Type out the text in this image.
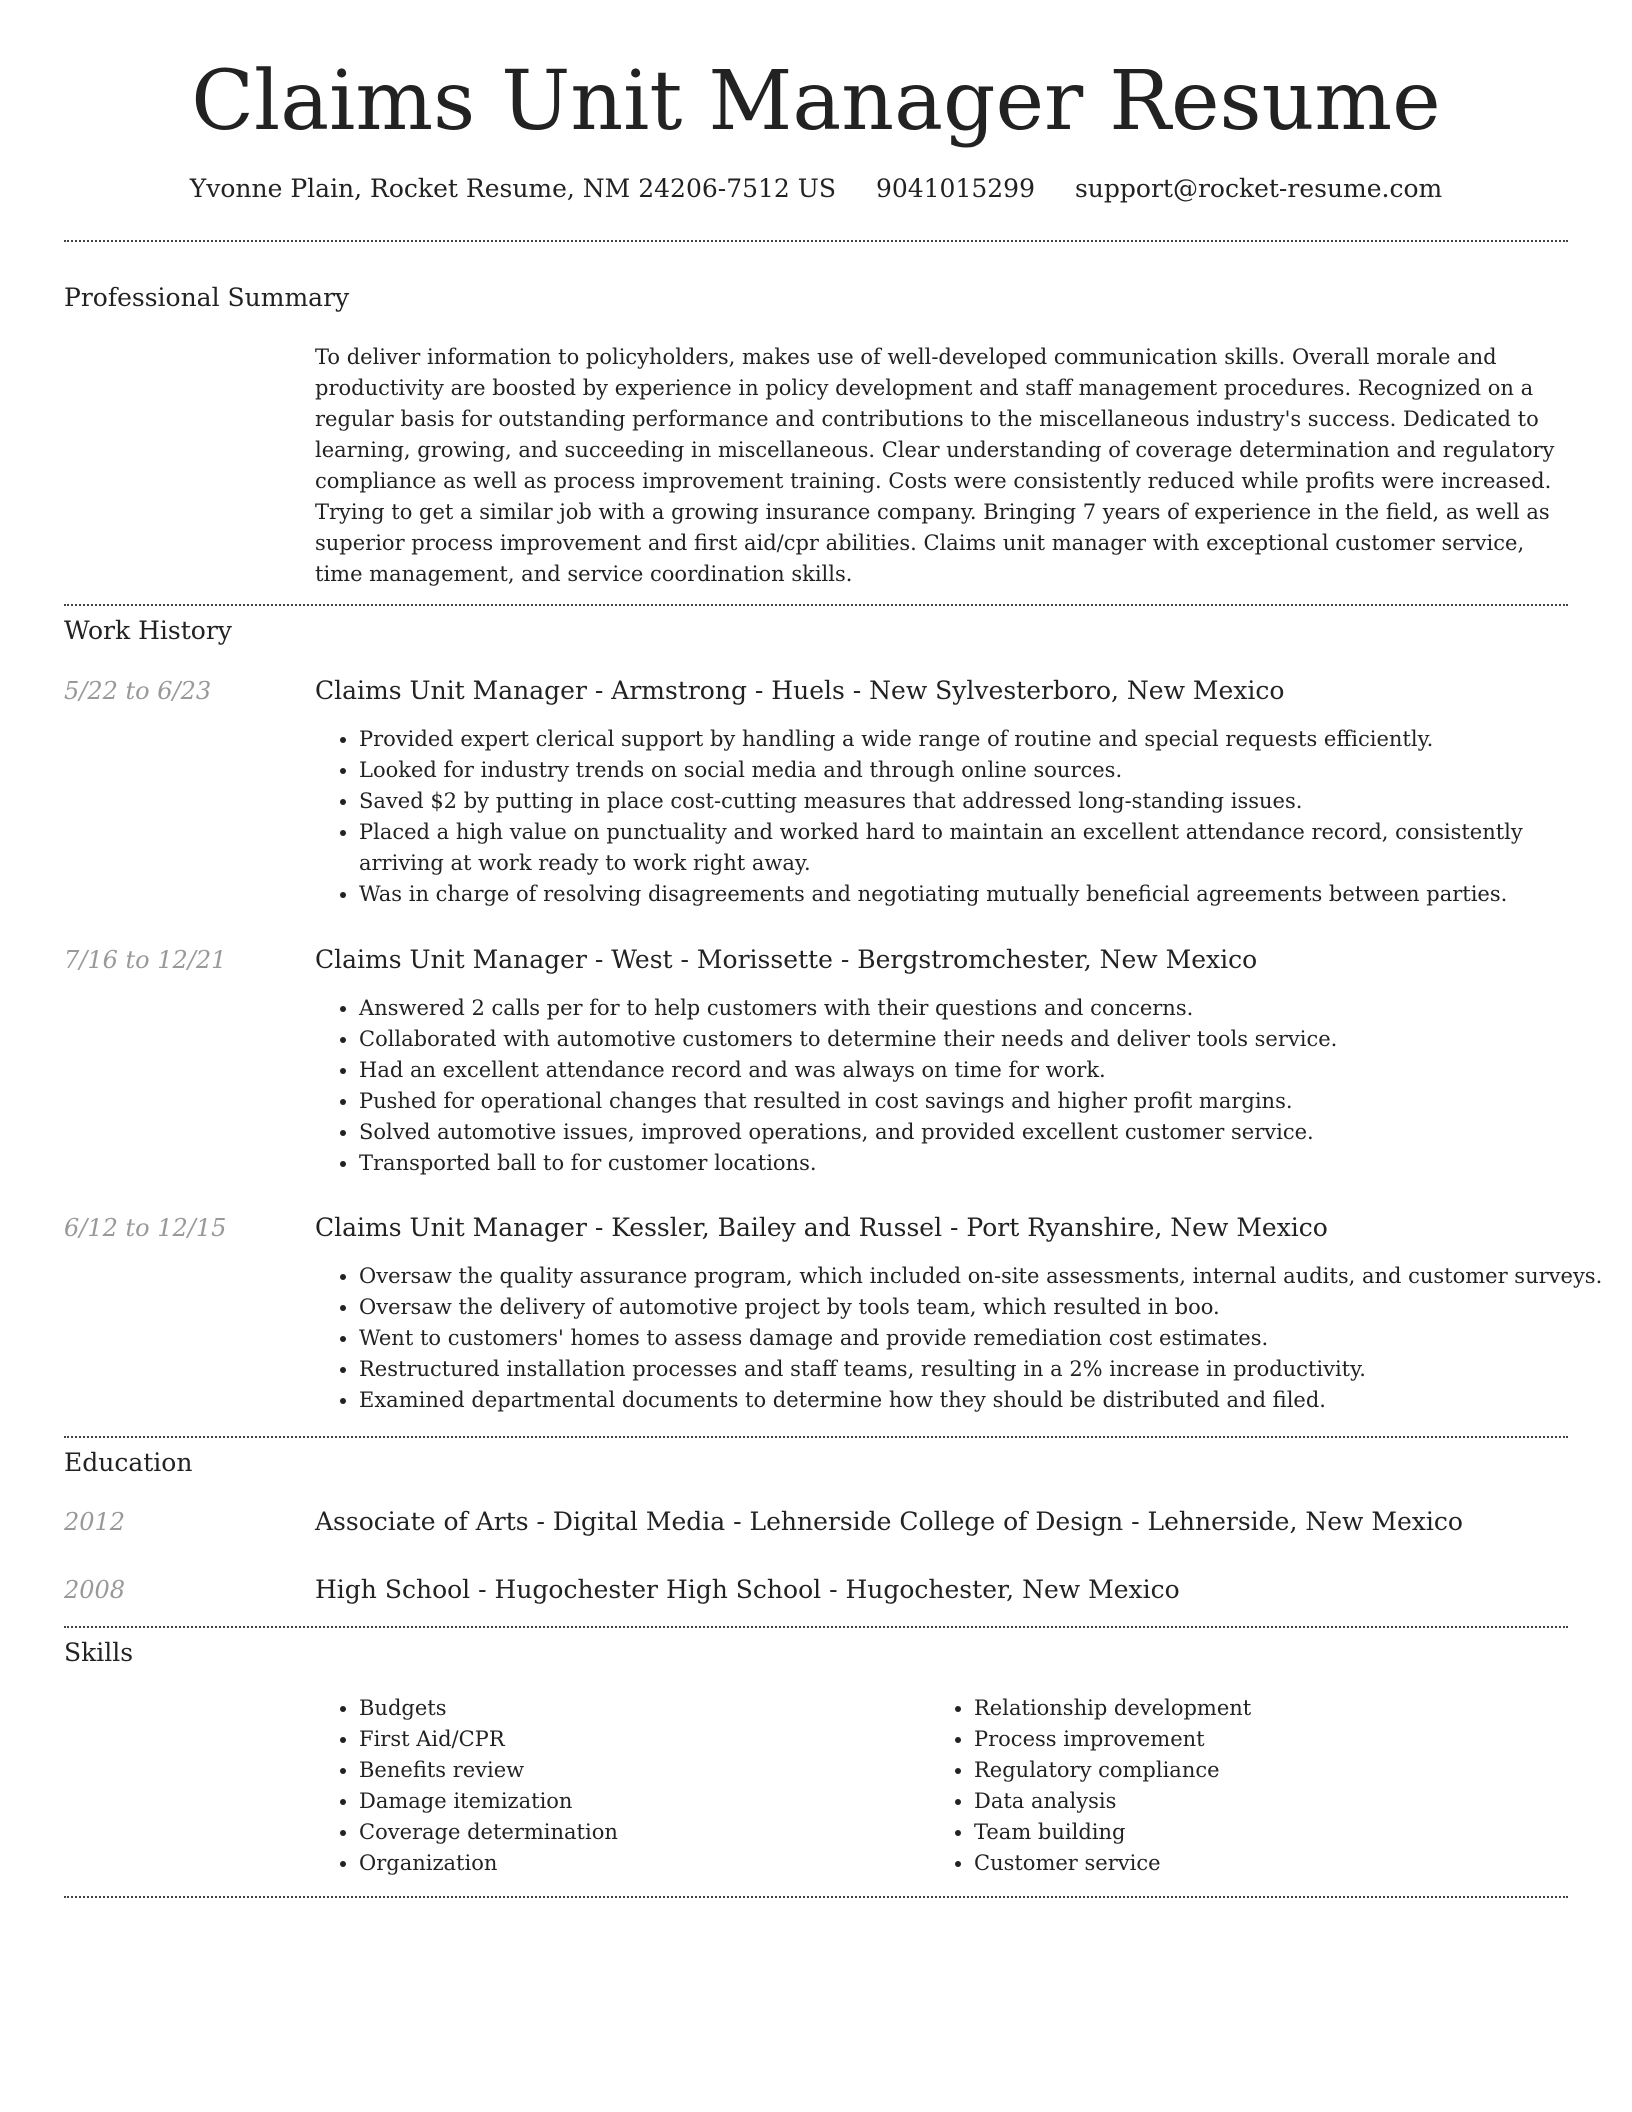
Claims Unit Manager Resume
Yvonne Plain, Rocket Resume, NM 24206-7512 US 9041015299 support@rocket-resume.com
Professional Summary

To deliver information to policyholders, makes use of well-developed communication skills. Overall morale and productivity are boosted by experience in policy development and staff management procedures. Recognized on a regular basis for outstanding performance and contributions to the miscellaneous industry's success. Dedicated to learning, growing, and succeeding in miscellaneous. Clear understanding of coverage determination and regulatory compliance as well as process improvement training. Costs were consistently reduced while profits were increased. Trying to get a similar job with a growing insurance company. Bringing 7 years of experience in the field, as well as superior process improvement and first aid/cpr abilities. Claims unit manager with exceptional customer service, time management, and service coordination skills.

Work History
5/22 to 6/23	Claims Unit Manager - Armstrong - Huels - New Sylvesterboro, New Mexico
• Provided expert clerical support by handling a wide range of routine and special requests efficiently.
• Looked for industry trends on social media and through online sources.
• Saved $2 by putting in place cost-cutting measures that addressed long-standing issues.
• Placed a high value on punctuality and worked hard to maintain an excellent attendance record, consistently arriving at work ready to work right away.
• Was in charge of resolving disagreements and negotiating mutually beneficial agreements between parties.
7/16 to 12/21	Claims Unit Manager - West - Morissette - Bergstromchester, New Mexico
• Answered 2 calls per for to help customers with their questions and concerns.
• Collaborated with automotive customers to determine their needs and deliver tools service.
• Had an excellent attendance record and was always on time for work.
• Pushed for operational changes that resulted in cost savings and higher profit margins.
• Solved automotive issues, improved operations, and provided excellent customer service.
• Transported ball to for customer locations.
6/12 to 12/15	Claims Unit Manager - Kessler, Bailey and Russel - Port Ryanshire, New Mexico
• Oversaw the quality assurance program, which included on-site assessments, internal audits, and customer surveys.
• Oversaw the delivery of automotive project by tools team, which resulted in boo.
• Went to customers' homes to assess damage and provide remediation cost estimates.
• Restructured installation processes and staff teams, resulting in a 2% increase in productivity.
• Examined departmental documents to determine how they should be distributed and filed.
Education
2012	Associate of Arts - Digital Media - Lehnerside College of Design - Lehnerside, New Mexico
2008	High School - Hugochester High School - Hugochester, New Mexico
Skills
• Budgets
• First Aid/CPR
• Benefits review
• Damage itemization
• Coverage determination
• Organization
• Relationship development
• Process improvement
• Regulatory compliance
• Data analysis
• Team building
• Customer service
